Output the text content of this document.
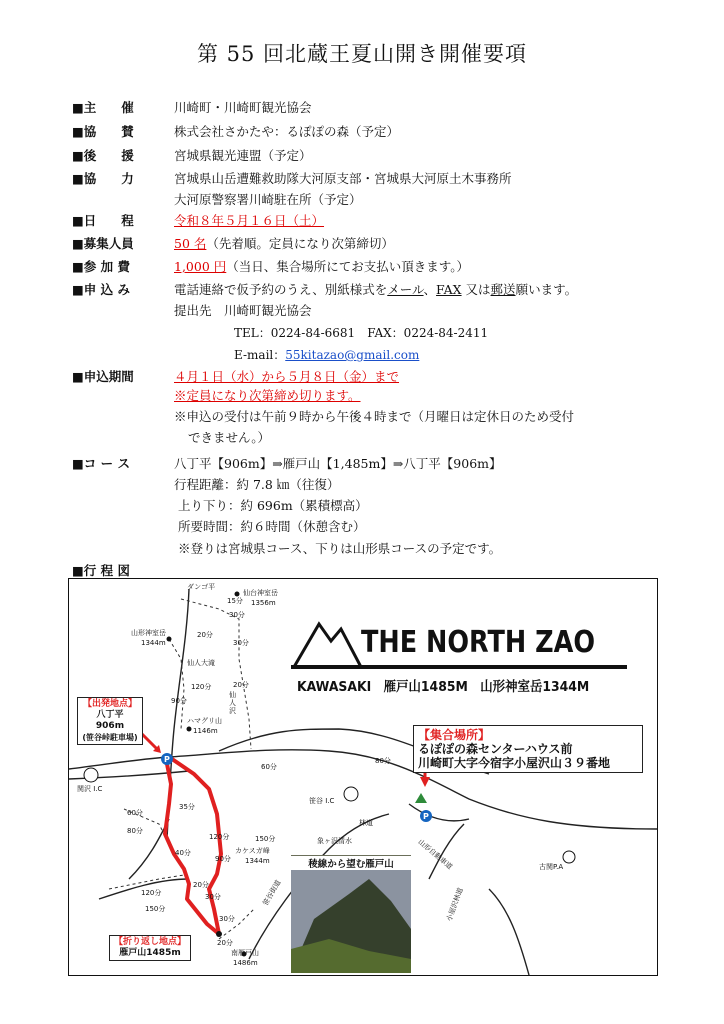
第 55 回北蔵王夏山開き開催要項
■主　　催	川崎町・川崎町観光協会
■協　　賛	株式会社さかたや：るぽぽの森（予定）
■後　　援	宮城県観光連盟（予定）
■協　　力	宮城県山岳遭難救助隊大河原支部・宮城県大河原土木事務所
大河原警察署川崎駐在所（予定）
■日　　程	令和８年５月１６日（土）
■募集人員	50 名（先着順。定員になり次第締切）
■参 加 費	1,000 円（当日、集合場所にてお支払い頂きます。）
■申 込 み	電話連絡で仮予約のうえ、別紙様式をメール、FAX 又は郵送願います。
提出先　川崎町観光協会
TEL：0224-84-6681　FAX：0224-84-2411
E-mail：55kitazao@gmail.com
■申込期間	４月１日（水）から５月８日（金）まで
※定員になり次第締め切ります。
※申込の受付は午前９時から午後４時まで（月曜日は定休日のため受付
できません。）
■コ ー ス	八丁平【906m】⇒雁戸山【1,485m】⇒八丁平【906m】
行程距離：約 7.8 ㎞（往復）
上り下り：約 696m（累積標高）
所要時間：約６時間（休憩含む）
※登りは宮城県コース、下りは山形県コースの予定です。
■行 程 図
P
P
THE NORTH ZAO
KAWASAKI　雁戸山1485M　山形神室岳1344M
【出発地点】
八丁平　906m
(笹谷峠駐車場)	【集合場所】
るぽぽの森センターハウス前
川崎町大字今宿字小屋沢山３９番地
【折り返し地点】
雁戸山1485m
稜線から望む雁戸山
ダンゴ平
仙台神室岳
1356m
山形神室岳
1344m
仙人大滝
仙人沢
ハマグリ山
1146m
関沢 I.C
笹谷 I.C
象ヶ沢清水
林道
カケスガ峰
1344m
南雁戸山
1486m
古関P.A
小屋沢林道
山形自動車道
笹谷街道
15分
30分
20分
30分
20分
120分
90分
60分
80分
60分
80分
35分
40分
120分
90分
150分
120分
150分
20分
30分
30分
20分
